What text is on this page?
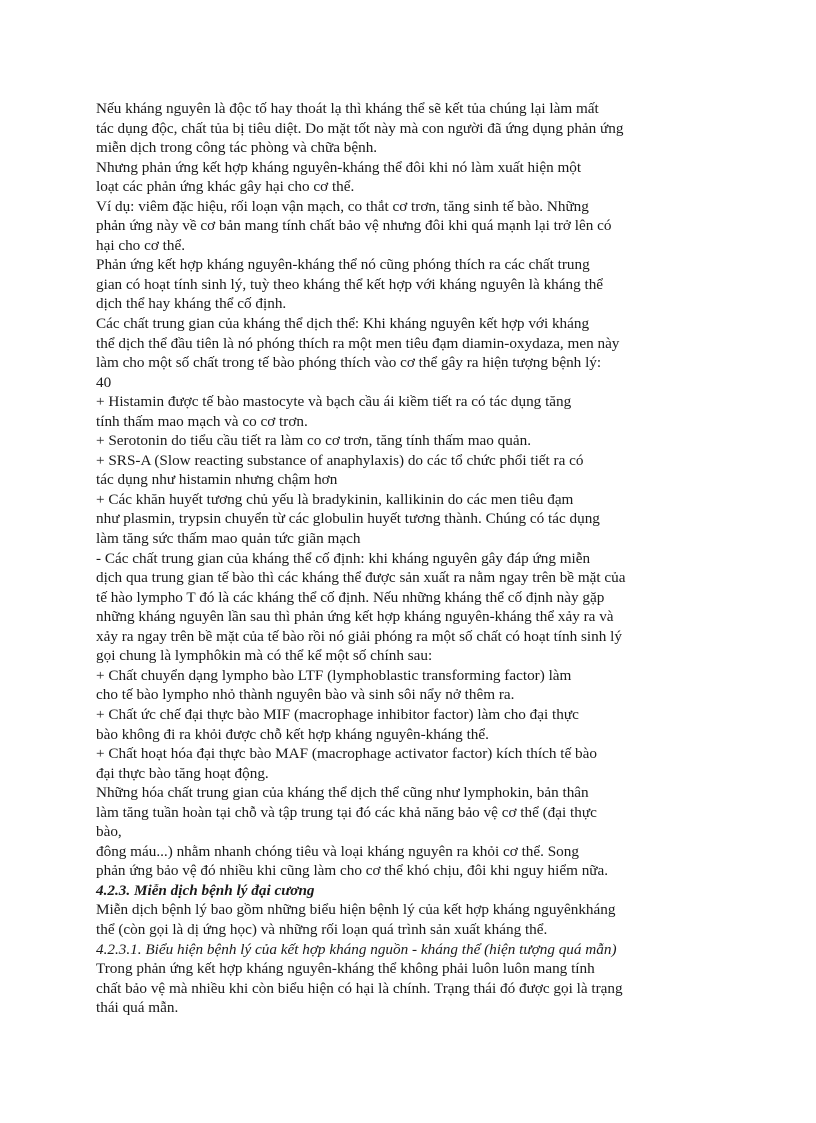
Nếu kháng nguyên là độc tố hay thoát lạ thì kháng thể sẽ kết tủa chúng lại làm mất
tác dụng độc, chất tủa bị tiêu diệt. Do mặt tốt này mà con người đã ứng dụng phản ứng
miễn dịch trong công tác phòng và chữa bệnh.
Nhưng phản ứng kết hợp kháng nguyên-kháng thể đôi khi nó làm xuất hiện một
loạt các phản ứng khác gây hại cho cơ thể.
Ví dụ: viêm đặc hiệu, rối loạn vận mạch, co thắt cơ trơn, tăng sinh tế bào. Những
phản ứng này về cơ bản mang tính chất bảo vệ nhưng đôi khi quá mạnh lại trở lên có
hại cho cơ thể.
Phản ứng kết hợp kháng nguyên-kháng thể nó cũng phóng thích ra các chất trung
gian có hoạt tính sinh lý, tuỳ theo kháng thể kết hợp với kháng nguyên là kháng thể
dịch thể hay kháng thể cố định.
Các chất trung gian của kháng thể dịch thể: Khi kháng nguyên kết hợp với kháng
thể dịch thể đầu tiên là nó phóng thích ra một men tiêu đạm diamin-oxydaza, men này
làm cho một số chất trong tế bào phóng thích vào cơ thể gây ra hiện tượng bệnh lý:
40
+ Histamin được tế bào mastocyte và bạch cầu ái kiềm tiết ra có tác dụng tăng
tính thấm mao mạch và co cơ trơn.
+ Serotonin do tiểu cầu tiết ra làm co cơ trơn, tăng tính thấm mao quản.
+ SRS-A (Slow reacting substance of anaphylaxis) do các tổ chức phổi tiết ra có
tác dụng như histamin nhưng chậm hơn
+ Các khăn huyết tương chủ yếu là bradykinin, kallikinin do các men tiêu đạm
như plasmin, trypsin chuyển từ các globulin huyết tương thành. Chúng có tác dụng
làm tăng sức thấm mao quản tức giãn mạch
- Các chất trung gian của kháng thể cố định: khi kháng nguyên gây đáp ứng miễn
dịch qua trung gian tế bào thì các kháng thể được sản xuất ra nằm ngay trên bề mặt của
tế hào lympho T đó là các kháng thể cố định. Nếu những kháng thể cố định này gặp
những kháng nguyên lần sau thì phản ứng kết hợp kháng nguyên-kháng thể xảy ra và
xảy ra ngay trên bề mặt của tế bào rồi nó giải phóng ra một số chất có hoạt tính sinh lý
gọi chung là lymphôkin mà có thể kể một số chính sau:
+ Chất chuyển dạng lympho bào LTF (lymphoblastic transforming factor) làm
cho tế bào lympho nhỏ thành nguyên bào và sinh sôi nẩy nở thêm ra.
+ Chất ức chế đại thực bào MIF (macrophage inhibitor factor) làm cho đại thực
bào không đi ra khỏi được chỗ kết hợp kháng nguyên-kháng thể.
+ Chất hoạt hóa đại thực bào MAF (macrophage activator factor) kích thích tế bào
đại thực bào tăng hoạt động.
Những hóa chất trung gian của kháng thể dịch thể cũng như lymphokin, bản thân
làm tăng tuần hoàn tại chỗ và tập trung tại đó các khả năng bảo vệ cơ thể (đại thực
bào,
đông máu...) nhằm nhanh chóng tiêu và loại kháng nguyên ra khỏi cơ thể. Song
phản ứng bảo vệ đó nhiều khi cũng làm cho cơ thể khó chịu, đôi khi nguy hiểm nữa.
4.2.3. Miễn dịch bệnh lý đại cương
Miễn dịch bệnh lý bao gồm những biểu hiện bệnh lý của kết hợp kháng nguyênkháng
thể (còn gọi là dị ứng học) và những rối loạn quá trình sản xuất kháng thể.
4.2.3.1. Biểu hiện bệnh lý của kết hợp kháng nguồn - kháng thể (hiện tượng quá mẫn)
Trong phản ứng kết hợp kháng nguyên-kháng thể không phải luôn luôn mang tính
chất bảo vệ mà nhiều khi còn biểu hiện có hại là chính. Trạng thái đó được gọi là trạng
thái quá mẫn.
